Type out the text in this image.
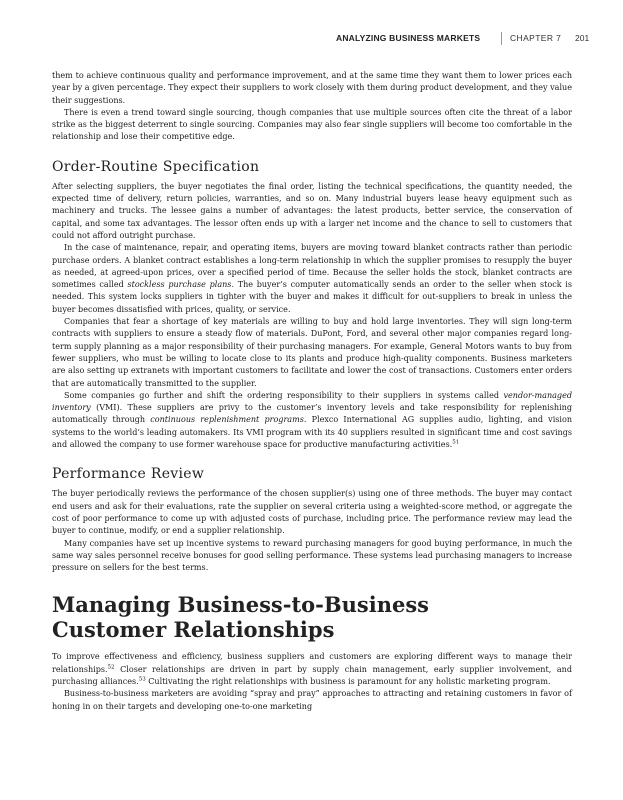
ANALYZING BUSINESS MARKETS	CHAPTER 7 201

them to achieve continuous quality and performance improvement, and at the same time they want them to lower prices each year by a given percentage. They expect their suppliers to work closely with them during product development, and they value their suggestions.

There is even a trend toward single sourcing, though companies that use multiple sources often cite the threat of a labor strike as the biggest deterrent to single sourcing. Companies may also fear single suppliers will become too comfortable in the relationship and lose their competitive edge.

Order-Routine Specification

After selecting suppliers, the buyer negotiates the final order, listing the technical specifications, the quantity needed, the expected time of delivery, return policies, warranties, and so on. Many industrial buyers lease heavy equipment such as machinery and trucks. The lessee gains a number of advantages: the latest products, better service, the conservation of capital, and some tax advantages. The lessor often ends up with a larger net income and the chance to sell to customers that could not afford outright purchase.

In the case of maintenance, repair, and operating items, buyers are moving toward blanket contracts rather than periodic purchase orders. A blanket contract establishes a long-term relationship in which the supplier promises to resupply the buyer as needed, at agreed-upon prices, over a specified period of time. Because the seller holds the stock, blanket contracts are sometimes called stockless purchase plans. The buyer’s computer automatically sends an order to the seller when stock is needed. This system locks suppliers in tighter with the buyer and makes it difficult for out-suppliers to break in unless the buyer becomes dissatisfied with prices, quality, or service.

Companies that fear a shortage of key materials are willing to buy and hold large inventories. They will sign long-term contracts with suppliers to ensure a steady flow of materials. DuPont, Ford, and several other major companies regard long-term supply planning as a major responsibility of their purchasing managers. For example, General Motors wants to buy from fewer suppliers, who must be willing to locate close to its plants and produce high-quality components. Business marketers are also setting up extranets with important customers to facilitate and lower the cost of transactions. Customers enter orders that are automatically transmitted to the supplier.

Some companies go further and shift the ordering responsibility to their suppliers in systems called vendor-managed inventory (VMI). These suppliers are privy to the customer’s inventory levels and take responsibility for replenishing automatically through continuous replenishment programs. Plexco International AG supplies audio, lighting, and vision systems to the world’s leading automakers. Its VMI program with its 40 suppliers resulted in significant time and cost savings and allowed the company to use former warehouse space for productive manufacturing activities.$^{51}$

Performance Review

The buyer periodically reviews the performance of the chosen supplier(s) using one of three methods. The buyer may contact end users and ask for their evaluations, rate the supplier on several criteria using a weighted-score method, or aggregate the cost of poor performance to come up with adjusted costs of purchase, including price. The performance review may lead the buyer to continue, modify, or end a supplier relationship.

Many companies have set up incentive systems to reward purchasing managers for good buying performance, in much the same way sales personnel receive bonuses for good selling performance. These systems lead purchasing managers to increase pressure on sellers for the best terms.

Managing Business-to-Business
Customer Relationships

To improve effectiveness and efficiency, business suppliers and customers are exploring different ways to manage their relationships.$^{52}$ Closer relationships are driven in part by supply chain management, early supplier involvement, and purchasing alliances.$^{53}$ Cultivating the right relationships with business is paramount for any holistic marketing program.

Business-to-business marketers are avoiding “spray and pray” approaches to attracting and retaining customers in favor of honing in on their targets and developing one-to-one marketing
